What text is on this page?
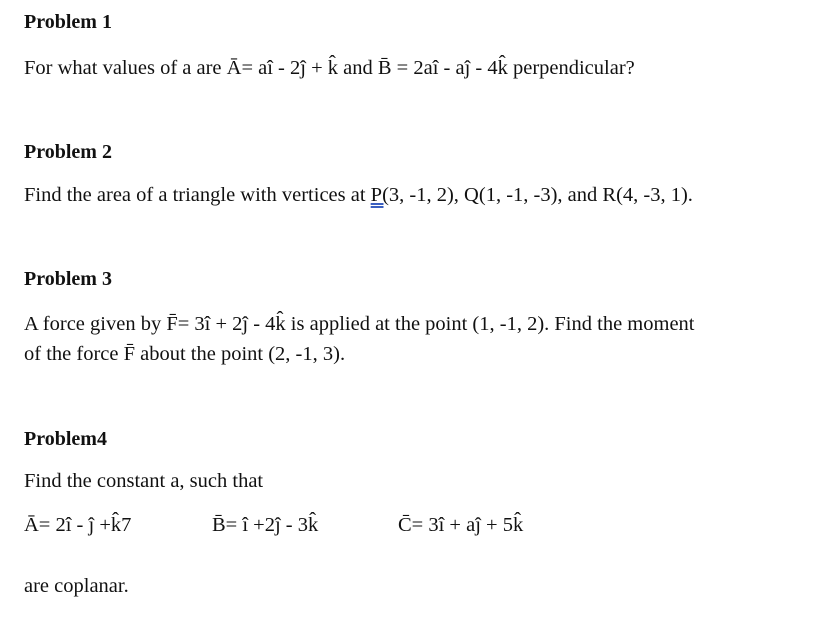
Problem 1
For what values of a are Ā= aî - 2ĵ + k̂ and B̄ = 2aî - aĵ - 4k̂ perpendicular?
Problem 2
Find the area of a triangle with vertices at P(3, -1, 2), Q(1, -1, -3), and R(4, -3, 1).
Problem 3
A force given by F̄= 3î + 2ĵ - 4k̂ is applied at the point (1, -1, 2). Find the moment
of the force F̄ about the point (2, -1, 3).
Problem4
Find the constant a, such that
Ā= 2î - ĵ +k̂7	B̄= î +2ĵ - 3k̂	C̄= 3î + aĵ + 5k̂
are coplanar.
